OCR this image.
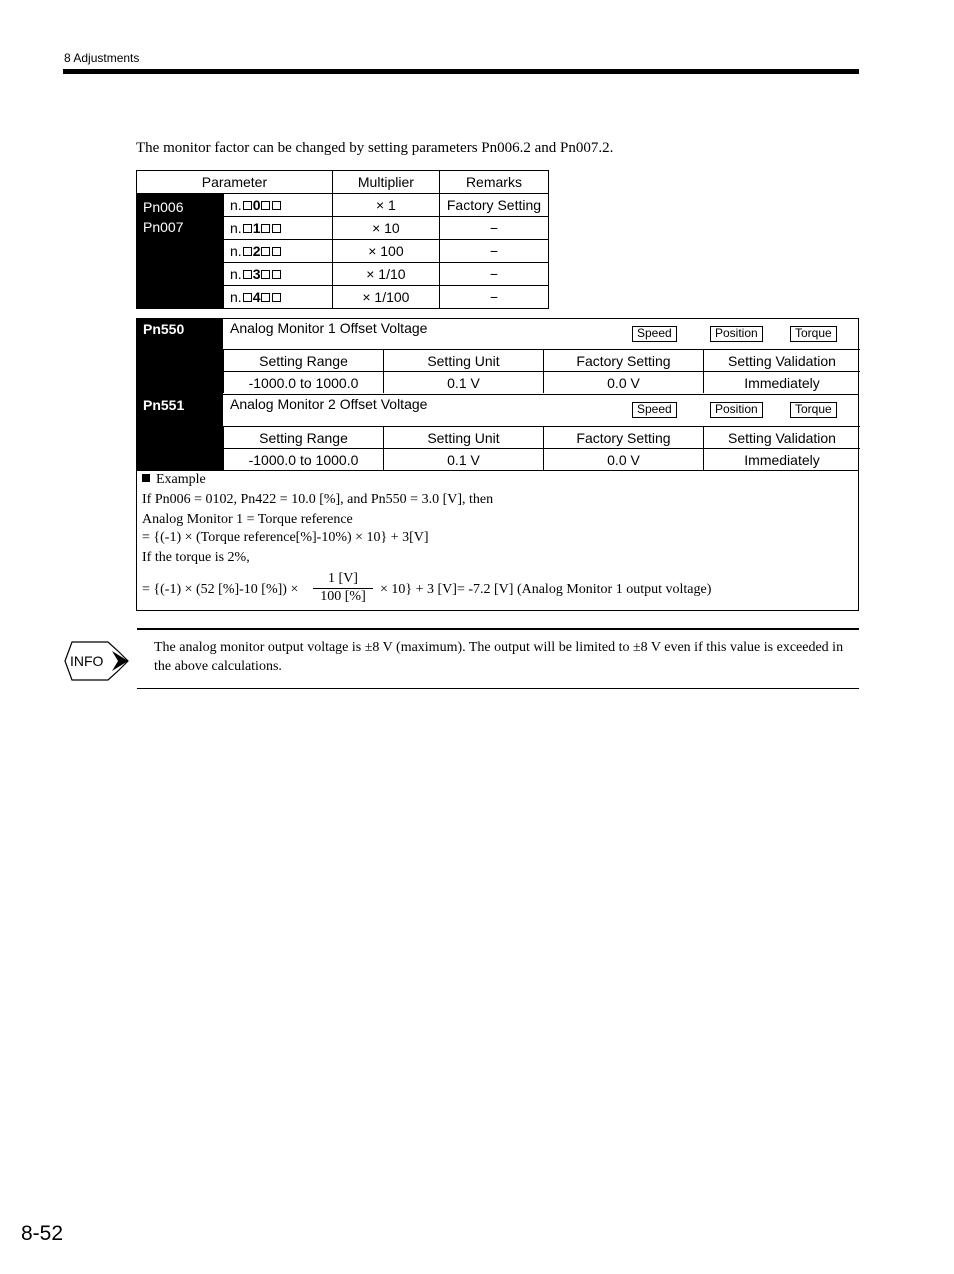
8 Adjustments
The monitor factor can be changed by setting parameters Pn006.2 and Pn007.2.
Parameter		Multiplier	Remarks

Pn006
Pn007	n. 0	× 1	Factory Setting
	n. 1	× 10	−
	n. 2	× 100	−
	n. 3	× 1/10	−
	n. 4	× 1/100	−
Pn550	Analog Monitor 1 Offset Voltage	Speed	Position	Torque
Setting Range	Setting Unit	Factory Setting	Setting Validation
-1000.0 to 1000.0	0.1 V	0.0 V	Immediately
Pn551	Analog Monitor 2 Offset Voltage	Speed	Position	Torque
Setting Range	Setting Unit	Factory Setting	Setting Validation
-1000.0 to 1000.0	0.1 V	0.0 V	Immediately
Example
If Pn006 = 0102, Pn422 = 10.0 [%], and Pn550 = 3.0 [V], then
Analog Monitor 1 = Torque reference
= {(-1) × (Torque reference[%]-10%) × 10} + 3[V]
If the torque is 2%,
= {(-1) × (52 [%]-10 [%]) ×
1 [V]
100 [%]	× 10} + 3 [V]= -7.2 [V] (Analog Monitor 1 output voltage)
INFO
The analog monitor output voltage is ±8 V (maximum). The output will be limited to ±8 V even if this value is exceeded in the above calculations.
8-52
